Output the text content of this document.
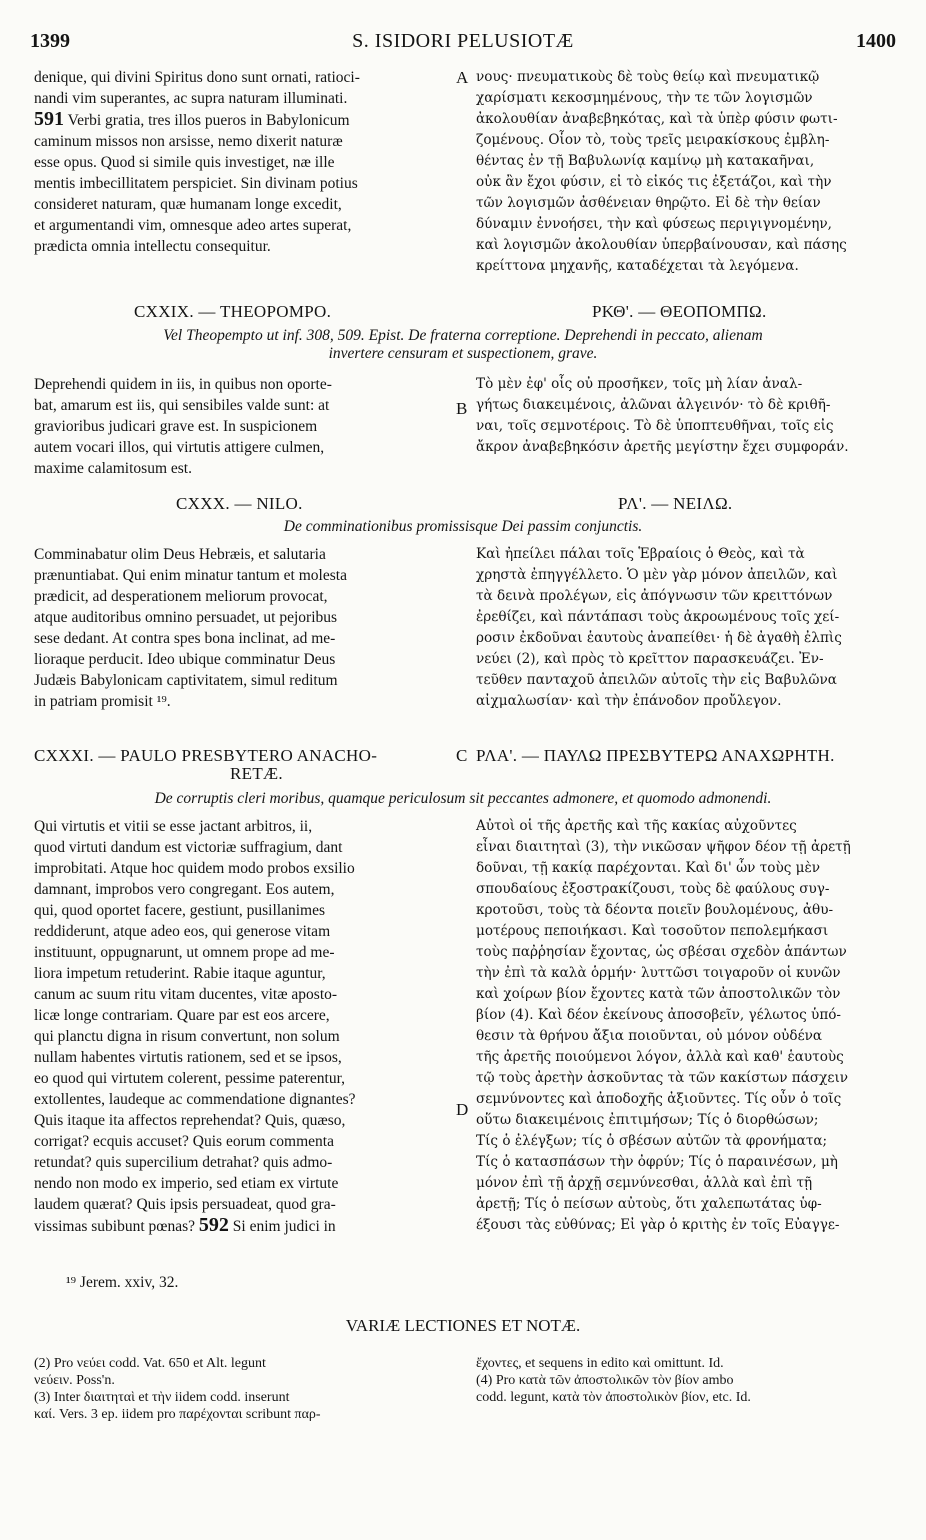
1399	S. ISIDORI PELUSIOTÆ	1400
denique, qui divini Spiritus dono sunt ornati, ratioci-
nandi vim superantes, ac supra naturam illuminati.
591 Verbi gratia, tres illos pueros in Babylonicum
caminum missos non arsisse, nemo dixerit naturæ
esse opus. Quod si simile quis investiget, næ ille
mentis imbecillitatem perspiciet. Sin divinam potius
consideret naturam, quæ humanam longe excedit,
et argumentandi vim, omnesque adeo artes superat,
prædicta omnia intellectu consequitur.
A νους· πνευματικοὺς δὲ τοὺς θείῳ καὶ πνευματικῷ
χαρίσματι κεκοσμημένους, τὴν τε τῶν λογισμῶν
ἀκολουθίαν ἀναβεβηκότας, καὶ τὰ ὑπὲρ φύσιν φωτι-
ζομένους. Οἷον τὸ, τοὺς τρεῖς μειρακίσκους ἐμβλη-
θέντας ἐν τῇ Βαβυλωνίᾳ καμίνῳ μὴ κατακαῆναι,
οὐκ ἂν ἔχοι φύσιν, εἰ τὸ εἰκός τις ἐξετάζοι, καὶ τὴν
τῶν λογισμῶν ἀσθένειαν θηρῷτο. Εἰ δὲ τὴν θείαν
δύναμιν ἐννοήσει, τὴν καὶ φύσεως περιγιγνομένην,
καὶ λογισμῶν ἀκολουθίαν ὑπερβαίνουσαν, καὶ πάσης
κρείττονα μηχανῆς, καταδέχεται τὰ λεγόμενα.
CXXIX. — THEOPOMPO.	ΡΚΘ'. — ΘΕΟΠΟΜΠΩ.
Vel Theopempto ut inf. 308, 509. Epist. De fraterna correptione. Deprehendi in peccato, alienam
invertere censuram et suspectionem, grave.
Deprehendi quidem in iis, in quibus non oporte-
bat, amarum est iis, qui sensibiles valde sunt: at
gravioribus judicari grave est. In suspicionem
autem vocari illos, qui virtutis attigere culmen,
maxime calamitosum est.
B
Τὸ μὲν ἐφ' οἷς οὐ προσῆκεν, τοῖς μὴ λίαν ἀναλ-
γήτως διακειμένοις, ἀλῶναι ἀλγεινόν· τὸ δὲ κριθῆ-
ναι, τοῖς σεμνοτέροις. Τὸ δὲ ὑποπτευθῆναι, τοῖς εἰς
ἄκρον ἀναβεβηκόσιν ἀρετῆς μεγίστην ἔχει συμφοράν.
CXXX. — NILO.	ΡΛ'. — ΝΕΙΛΩ.
De comminationibus promissisque Dei passim conjunctis.
Comminabatur olim Deus Hebræis, et salutaria
prænuntiabat. Qui enim minatur tantum et molesta
prædicit, ad desperationem meliorum provocat,
atque auditoribus omnino persuadet, ut pejoribus
sese dedant. At contra spes bona inclinat, ad me-
lioraque perducit. Ideo ubique comminatur Deus
Judæis Babylonicam captivitatem, simul reditum
in patriam promisit ¹⁹.
Καὶ ἠπείλει πάλαι τοῖς Ἑβραίοις ὁ Θεὸς, καὶ τὰ
χρηστὰ ἐπηγγέλλετο. Ὁ μὲν γὰρ μόνον ἀπειλῶν, καὶ
τὰ δεινὰ προλέγων, εἰς ἀπόγνωσιν τῶν κρειττόνων
ἐρεθίζει, καὶ πάντάπασι τοὺς ἀκροωμένους τοῖς χεί-
ροσιν ἐκδοῦναι ἑαυτοὺς ἀναπείθει· ἡ δὲ ἀγαθὴ ἐλπὶς
νεύει (2), καὶ πρὸς τὸ κρεῖττον παρασκευάζει. Ἐν-
τεῦθεν πανταχοῦ ἀπειλῶν αὐτοῖς τὴν εἰς Βαβυλῶνα
αἰχμαλωσίαν· καὶ τὴν ἐπάνοδον προὔλεγον.
CXXXI. — PAULO PRESBYTERO ANACHO-
RETÆ.
C ΡΛΑ'. — ΠΑΥΛΩ ΠΡΕΣΒΥΤΕΡΩ ΑΝΑΧΩΡΗΤΗ.
De corruptis cleri moribus, quamque periculosum sit peccantes admonere, et quomodo admonendi.
Qui virtutis et vitii se esse jactant arbitros, ii,
quod virtuti dandum est victoriæ suffragium, dant
improbitati. Atque hoc quidem modo probos exsilio
damnant, improbos vero congregant. Eos autem,
qui, quod oportet facere, gestiunt, pusillanimes
reddiderunt, atque adeo eos, qui generose vitam
instituunt, oppugnarunt, ut omnem prope ad me-
liora impetum retuderint. Rabie itaque aguntur,
canum ac suum ritu vitam ducentes, vitæ aposto-
licæ longe contrariam. Quare par est eos arcere,
qui planctu digna in risum convertunt, non solum
nullam habentes virtutis rationem, sed et se ipsos,
eo quod qui virtutem colerent, pessime paterentur,
extollentes, laudeque ac commendatione dignantes?
Quis itaque ita affectos reprehendat? Quis, quæso,
corrigat? ecquis accuset? Quis eorum commenta
retundat? quis supercilium detrahat? quis admo-
nendo non modo ex imperio, sed etiam ex virtute
laudem quærat? Quis ipsis persuadeat, quod gra-
vissimas subibunt pœnas? 592 Si enim judici in
D
Αὐτοὶ οἱ τῆς ἀρετῆς καὶ τῆς κακίας αὐχοῦντες
εἶναι διαιτηταὶ (3), τὴν νικῶσαν ψῆφον δέον τῇ ἀρετῇ
δοῦναι, τῇ κακίᾳ παρέχονται. Καὶ δι' ὧν τοὺς μὲν
σπουδαίους ἐξοστρακίζουσι, τοὺς δὲ φαύλους συγ-
κροτοῦσι, τοὺς τὰ δέοντα ποιεῖν βουλομένους, ἀθυ-
μοτέρους πεποιήκασι. Καὶ τοσοῦτον πεπολεμήκασι
τοὺς παῤῥησίαν ἔχοντας, ὡς σβέσαι σχεδὸν ἁπάντων
τὴν ἐπὶ τὰ καλὰ ὁρμήν· λυττῶσι τοιγαροῦν οἱ κυνῶν
καὶ χοίρων βίον ἔχοντες κατὰ τῶν ἀποστολικῶν τὸν
βίον (4). Καὶ δέον ἐκείνους ἀποσοβεῖν, γέλωτος ὑπό-
θεσιν τὰ θρήνου ἄξια ποιοῦνται, οὐ μόνον οὐδένα
τῆς ἀρετῆς ποιούμενοι λόγον, ἀλλὰ καὶ καθ' ἑαυτοὺς
τῷ τοὺς ἀρετὴν ἀσκοῦντας τὰ τῶν κακίστων πάσχειν
σεμνύνοντες καὶ ἀποδοχῆς ἀξιοῦντες. Τίς οὖν ὁ τοῖς
οὕτω διακειμένοις ἐπιτιμήσων; Τίς ὁ διορθώσων;
Τίς ὁ ἐλέγξων; τίς ὁ σβέσων αὐτῶν τὰ φρονήματα;
Τίς ὁ κατασπάσων τὴν ὀφρύν; Τίς ὁ παραινέσων, μὴ
μόνον ἐπὶ τῇ ἀρχῇ σεμνύνεσθαι, ἀλλὰ καὶ ἐπὶ τῇ
ἀρετῇ; Τίς ὁ πείσων αὐτοὺς, ὅτι χαλεπωτάτας ὑφ-
έξουσι τὰς εὐθύνας; Εἰ γὰρ ὁ κριτὴς ἐν τοῖς Εὐαγγε-
¹⁹ Jerem. xxiv, 32.
VARIÆ LECTIONES ET NOTÆ.
(2) Pro νεύει codd. Vat. 650 et Alt. legunt
νεύειν. Poss'n.
(3) Inter διαιτηταὶ et τὴν iidem codd. inserunt
καί. Vers. 3 ep. iidem pro παρέχονται scribunt παρ-
ἔχοντες, et sequens in edito καὶ omittunt. Id.
(4) Pro κατὰ τῶν ἀποστολικῶν τὸν βίον ambo
codd. legunt, κατὰ τὸν ἀποστολικὸν βίον, etc. Id.
